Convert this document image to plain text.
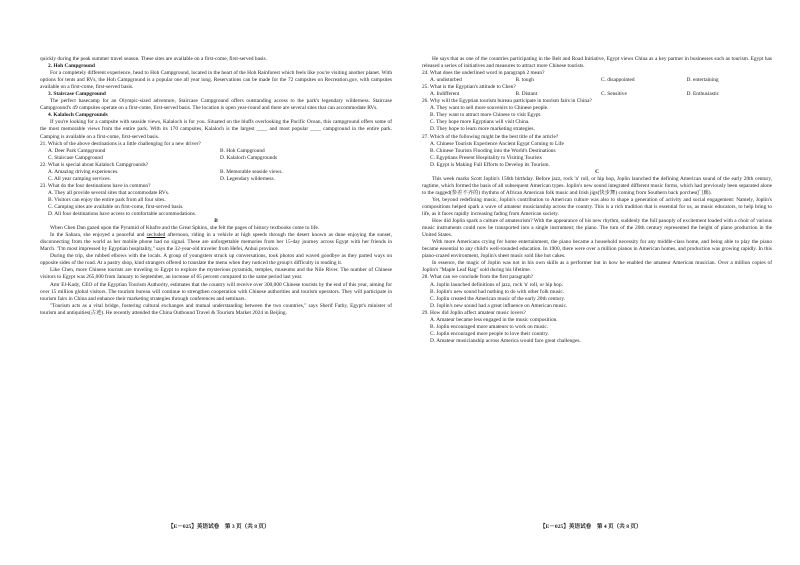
quickly during the peak summer travel season. These sites are available on a first-come, first-served basis.

2. Hoh Campground

For a completely different experience, head to Hoh Campground, located in the heart of the Hoh Rainforest which feels like you're visiting another planet. With options for tents and RVs, the Hoh Campground is a popular one all year long. Reservations can be made for the 72 campsites on Recreation.gov, with campsites available on a first-come, first-served basis.

3. Staircase Campground

The perfect basecamp for an Olympic-sized adventure, Staircase Campground offers outstanding access to the park's legendary wilderness. Staircase Campground's 49 campsites operate on a first-come, first-served basis. The location is open year-round and there are several sites that can accommodate RVs.

4. Kalaloch Campgrounds

If you're looking for a campsite with seaside views, Kalaloch is for you. Situated on the bluffs overlooking the Pacific Ocean, this campground offers some of the most memorable views from the entire park. With its 170 campsites, Kalaloch is the largest ____ and most popular ____ campground in the entire park. Camping is available on a first-come, first-served basis.

21. Which of the above destinations is a little challenging for a new driver?

A. Deer Park Campground	B. Hoh Campground
C. Staircase Campground	D. Kalaloch Campgrounds

22. What is special about Kalaloch Campgrounds?

A. Amazing driving experiences.	B. Memorable seaside views.
C. All year camping services.	D. Legendary wilderness.

23. What do the four destinations have in common?

A. They all provide several sites that accommodate RVs.
B. Visitors can enjoy the entire park from all four sites.
C. Camping sites are available on first-come, first-served basis.
D. All four destinations have access to comfortable accommodations.

B

When Chen Dan gazed upon the Pyramid of Khafre and the Great Sphinx, she felt the pages of history textbooks come to life.

In the Sahara, she enjoyed a peaceful and secluded afternoon, riding in a vehicle at high speeds through the desert known as dune enjoying the sunset, disconnecting from the world as her mobile phone had no signal. These are unforgettable memories from her 15-day journey across Egypt with her friends in March. "I'm most impressed by Egyptian hospitality," says the 32-year-old traveler from Hefei, Anhui province.

During the trip, she rubbed elbows with the locals. A group of youngsters struck up conversations, took photos and waved goodbye as they parted ways on opposite sides of the road. At a pastry shop, kind strangers offered to translate the menu when they noticed the group's difficulty in reading it.

Like Chen, more Chinese tourists are traveling to Egypt to explore the mysterious pyramids, temples, museums and the Nile River. The number of Chinese visitors to Egypt was 265,000 from January to September, an increase of 65 percent compared to the same period last year.

Amr El-Kady, CEO of the Egyptian Tourism Authority, estimates that the country will receive over 300,000 Chinese tourists by the end of this year, aiming for over 15 million global visitors. The tourism bureau will continue to strengthen cooperation with Chinese authorities and tourism operators. They will participate in tourism fairs in China and enhance their marketing strategies through conferences and seminars.

"Tourism acts as a vital bridge, fostering cultural exchanges and mutual understanding between the two countries," says Sherif Fathy, Egypt's minister of tourism and antiquities(古迹). He recently attended the China Outbound Travel & Tourism Market 2024 in Beijing.

He says that as one of the countries participating in the Belt and Road Initiative, Egypt views China as a key partner in businesses such as tourism. Egypt has released a series of initiatives and measures to attract more Chinese tourists.

24. What does the underlined word in paragraph 2 mean?

A. undisturbed	B. tough	C. disappointed	D. entertaining

25. What is the Egyptian's attitude to Chen?

A. Indifferent	B. Distant	C. Sensitive	D. Enthusiastic

26. Why will the Egyptian tourism bureau participate in tourism fairs in China?

A. They want to sell more souvenirs to Chinese people.
B. They want to attract more Chinese to visit Egypt.
C. They hope more Egyptians will visit China.
D. They hope to learn more marketing strategies.

27. Which of the following might be the best title of the article?

A. Chinese Tourists Experience Ancient Egypt Coming to Life
B. Chinese Tourists Flooding into the World's Destinations
C. Egyptians Present Hospitality to Visiting Tourists
D. Egypt is Making Full Efforts to Develop its Tourism.

C

This week marks Scott Joplin's 156th birthday. Before jazz, rock 'n' roll, or hip hop, Joplin launched the defining American sound of the early 20th century, ragtime, which formed the basis of all subsequent American types. Joplin's new sound integrated different music forms, which had previously been separated alone to the ragged(参差不齐的) rhythms of African American folk music and Irish jigs(快步舞) coming from Southern back porches(门廊).

Yet, beyond redefining music, Joplin's contribution to American culture was also to shape a generation of activity and social engagement: Namely, Joplin's compositions helped spark a wave of amateur musicianship across the country. This is a rich tradition that is essential for us, as music educators, to help bring to life, as it faces rapidly increasing fading from American society.

How did Joplin spark a culture of amateurism? With the appearance of his new rhythm, suddenly the full panoply of excitement loaded with a choir of various music instruments could now be transported into a single instrument; the piano. The turn of the 20th century represented the height of piano production in the United States.

With more Americans crying for home entertainment, the piano became a household necessity for any middle-class home, and being able to play the piano became essential to any child's well-rounded education. In 1900, there were over a million pianos in American homes, and production was growing rapidly. In this piano-crazed environment, Joplin's sheet music sold like hot cakes.

In essence, the magic of Joplin was not in his own skills as a performer but in how he enabled the amateur American musician. Over a million copies of Joplin's "Maple Leaf Rag" sold during his lifetime.

28. What can we conclude from the first paragraph?

A. Joplin launched definitions of jazz, rock 'n' roll, or hip hop.
B. Joplin's new sound had nothing to do with other folk music.
C. Joplin created the American music of the early 20th century.
D. Joplin's new sound had a great influence on American music.

29. How did Joplin affect amateur music lovers?

A. Amateur became less engaged in the music composition.
B. Joplin encouraged more amateurs to work on music.
C. Joplin encouraged more people to love their country.
D. Amateur musicianship across America would face great challenges.
【E－025】英语试卷　第 3 页（共 8 页）	【E－025】英语试卷　第 4 页（共 8 页）
